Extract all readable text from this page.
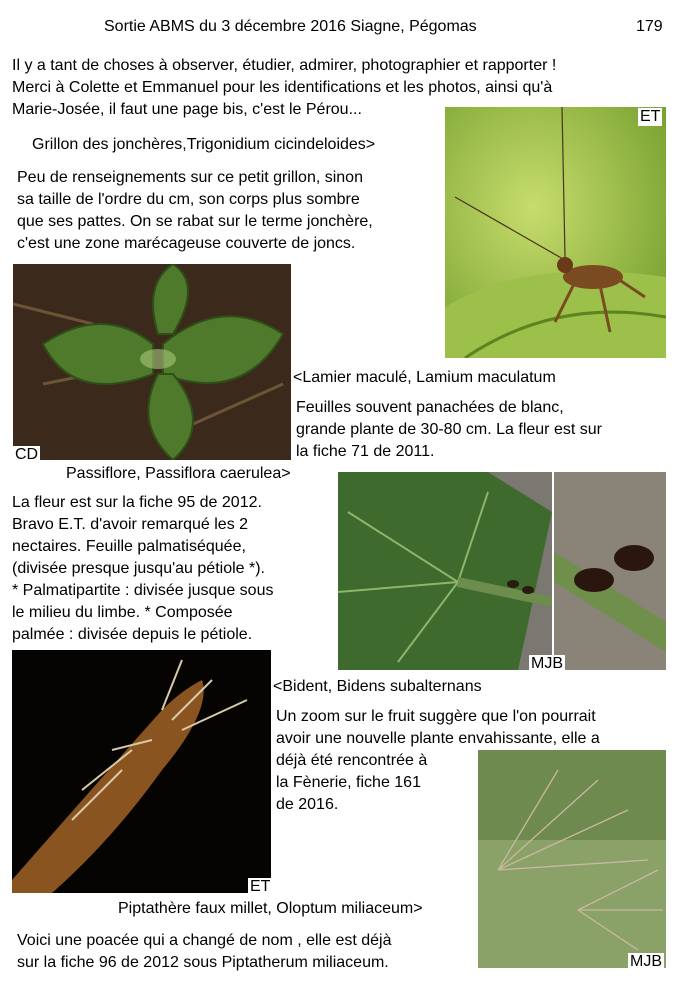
Sortie ABMS du 3 décembre 2016 Siagne, Pégomas	179
Il y a tant de choses à observer, étudier, admirer, photographier et rapporter !
Merci à Colette et Emmanuel pour les identifications et les photos, ainsi qu'à
Marie-Josée, il faut une page bis, c'est le Pérou...
Grillon des jonchères,Trigonidium cicindeloides>
Peu de renseignements sur ce petit grillon, sinon
sa taille de l'ordre du cm, son corps plus sombre
que ses pattes. On se rabat sur le terme jonchère,
c'est une zone marécageuse couverte de joncs.
ET
CD
<Lamier maculé, Lamium maculatum
Feuilles souvent panachées de blanc,
grande plante de 30-80 cm. La fleur est sur
la fiche 71 de 2011.
Passiflore, Passiflora caerulea>
La fleur est sur la fiche 95 de 2012.
Bravo E.T. d'avoir remarqué les 2
nectaires. Feuille palmatiséquée,
(divisée presque jusqu'au pétiole *).
* Palmatipartite : divisée jusque sous
le milieu du limbe. * Composée
palmée : divisée depuis le pétiole.
MJB
ET
<Bident, Bidens subalternans
Un zoom sur le fruit suggère que l'on pourrait
avoir une nouvelle plante envahissante, elle a
déjà été rencontrée à
la Fènerie, fiche 161
de 2016.
MJB
Piptathère faux millet, Oloptum miliaceum>
Voici une poacée qui a changé de nom , elle est déjà
sur la fiche 96 de 2012 sous Piptatherum miliaceum.
